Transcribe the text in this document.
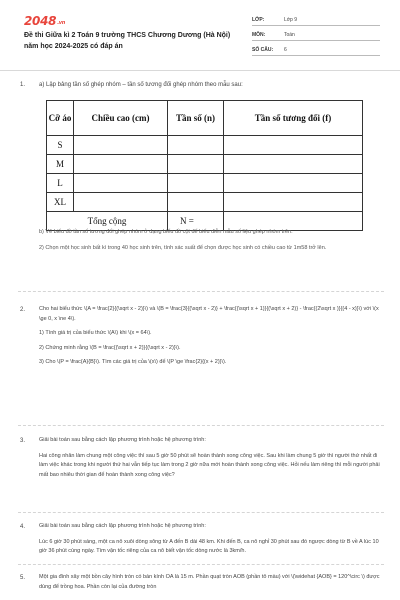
2048.vn
Đề thi Giữa kì 2 Toán 9 trường THCS Chương Dương (Hà Nội) năm học 2024-2025 có đáp án
LỚP:	Lớp 9
MÔN:	Toán
SỐ CÂU: 6
1. a) Lập bảng tần số ghép nhóm – tần số tương đối ghép nhóm theo mẫu sau:

Cỡ áo	Chiều cao (cm)	Tần số (n)	Tần số tương đối (f)
S			
M			
L			
XL			
Tổng cộng		N =	

b) Vẽ biểu đồ tần số tương đối ghép nhóm ở dạng biểu đồ cột để biểu diễn mẫu số liệu ghép nhóm trên.

2) Chọn một học sinh bất kì trong 40 học sinh trên, tính xác suất để chọn được học sinh có chiều cao từ 1m58 trở lên.

2.	Cho hai biểu thức \(A = \frac{2}{(\sqrt x - 2)}\) và \(B = \frac{3}{(\sqrt x - 2)} + \frac{(\sqrt x + 1)}{(\sqrt x + 2)} - \frac{(2\sqrt x )}{(4 - x)}\) với \(x \ge 0, x \ne 4\).

1) Tính giá trị của biểu thức \(A\) khi \(x = 64\).

2) Chứng minh rằng \(B = \frac{(\sqrt x + 2)}{(\sqrt x - 2)}\).

3) Cho \(P = \frac{A}{B}\). Tìm các giá trị của \(x\) để \(P \ge \frac{2}{(x + 2)}\).

3.	Giải bài toán sau bằng cách lập phương trình hoặc hệ phương trình:

Hai công nhân làm chung một công việc thì sau 5 giờ 50 phút sẽ hoàn thành xong công việc. Sau khi làm chung 5 giờ thì người thứ nhất đi làm việc khác trong khi người thứ hai vẫn tiếp tục làm trong 2 giờ nữa mới hoàn thành xong công việc. Hỏi nếu làm riêng thì mỗi người phải mất bao nhiêu thời gian để hoàn thành xong công việc?

4.	Giải bài toán sau bằng cách lập phương trình hoặc hệ phương trình:

Lúc 6 giờ 30 phút sáng, một ca nô xuôi dòng sông từ A đến B dài 48 km. Khi đến B, ca nô nghỉ 30 phút sau đó ngược dòng từ B về A lúc 10 giờ 36 phút cùng ngày. Tìm vận tốc riêng của ca nô biết vận tốc dòng nước là 3km/h.

5.	Một gia đình xây một bồn cây hình tròn có bán kính OA là 15 m. Phần quạt tròn AOB (phần tô màu) với \(\widehat {AOB} = 120^\circ \) được dùng để trồng hoa. Phần còn lại của đường tròn
